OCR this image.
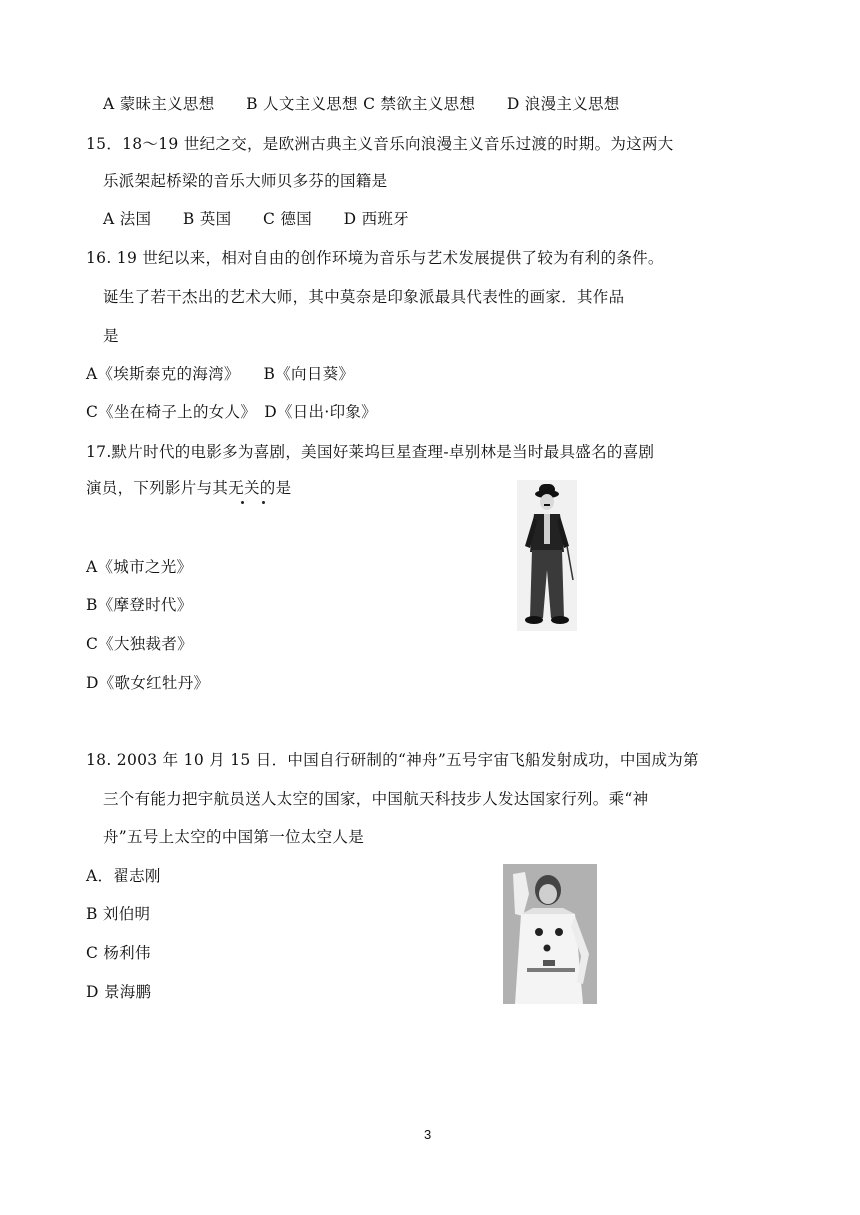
A 蒙昧主义思想　　B 人文主义思想 C 禁欲主义思想　　D 浪漫主义思想
15．18～19 世纪之交，是欧洲古典主义音乐向浪漫主义音乐过渡的时期。为这两大
乐派架起桥梁的音乐大师贝多芬的国籍是
A 法国　　B 英国　　C 德国　　D 西班牙
16. 19 世纪以来，相对自由的创作环境为音乐与艺术发展提供了较为有利的条件。
诞生了若干杰出的艺术大师，其中莫奈是印象派最具代表性的画家．其作品
是
A《埃斯泰克的海湾》　　B《向日葵》
C《坐在椅子上的女人》　D《日出·印象》
17.默片时代的电影多为喜剧，美国好莱坞巨星查理-卓别林是当时最具盛名的喜剧
演员，下列影片与其无关的是
A《城市之光》
B《摩登时代》
C《大独裁者》
D《歌女红牡丹》
18. 2003 年 10 月 15 日．中国自行研制的“神舟”五号宇宙飞船发射成功，中国成为第
三个有能力把宇航员送人太空的国家，中国航天科技步人发达国家行列。乘“神
舟”五号上太空的中国第一位太空人是
A．翟志刚
B 刘伯明
C 杨利伟
D 景海鹏
3
